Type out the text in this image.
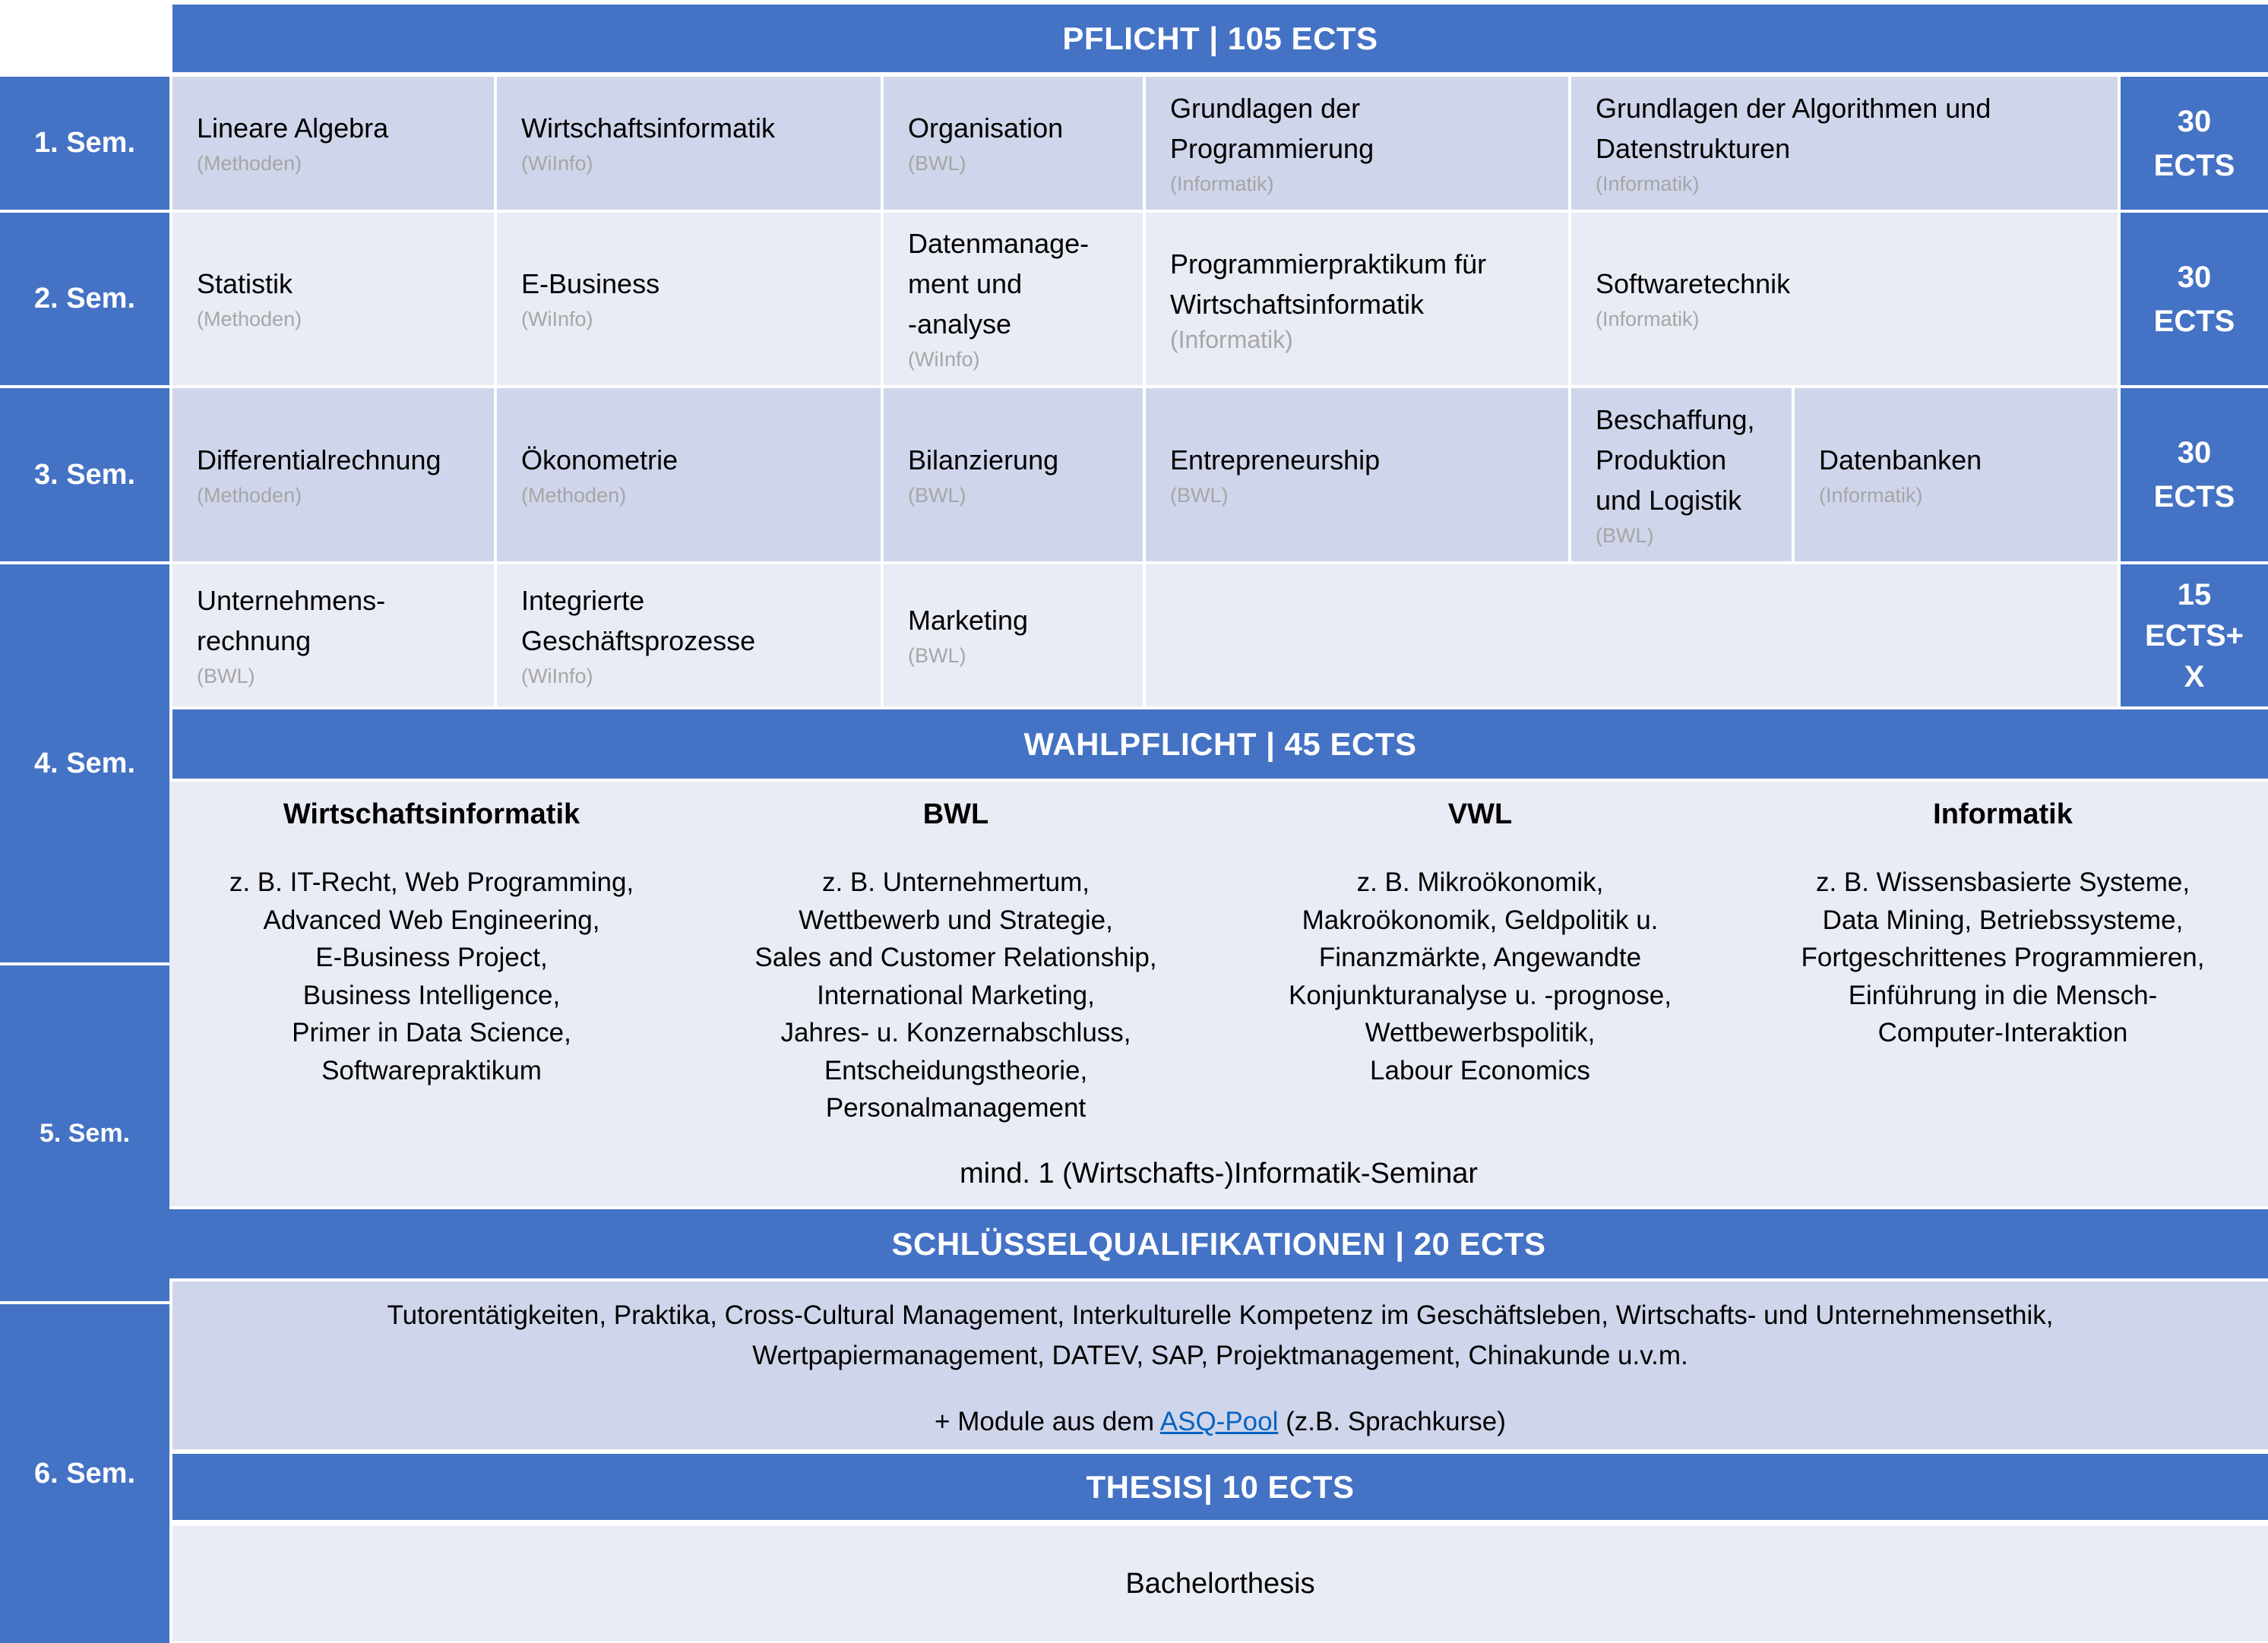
PFLICHT | 105 ECTS
1. Sem.
2. Sem.
3. Sem.
4. Sem.
5. Sem.
6. Sem.
Lineare Algebra
(Methoden)
Wirtschaftsinformatik
(WiInfo)
Organisation
(BWL)
Grundlagen der
Programmierung
(Informatik)
Grundlagen der Algorithmen und
Datenstrukturen
(Informatik)
30
ECTS
Statistik
(Methoden)
E-Business
(WiInfo)
Datenmanage-
ment und
-analyse
(WiInfo)
Programmierpraktikum für
Wirtschaftsinformatik
(Informatik)
Softwaretechnik
(Informatik)
30
ECTS
Differentialrechnung
(Methoden)
Ökonometrie
(Methoden)
Bilanzierung
(BWL)
Entrepreneurship
(BWL)
Beschaffung,
Produktion
und Logistik
(BWL)
Datenbanken
(Informatik)
30
ECTS
Unternehmens-
rechnung
(BWL)
Integrierte
Geschäftsprozesse
(WiInfo)
Marketing
(BWL)
15
ECTS+
X
WAHLPFLICHT | 45 ECTS
Wirtschaftsinformatik
z. B. IT-Recht, Web Programming,
Advanced Web Engineering,
E-Business Project,
Business Intelligence,
Primer in Data Science,
Softwarepraktikum
BWL
z. B. Unternehmertum,
Wettbewerb und Strategie,
Sales and Customer Relationship,
International Marketing,
Jahres- u. Konzernabschluss,
Entscheidungstheorie,
Personalmanagement
VWL
z. B. Mikroökonomik,
Makroökonomik, Geldpolitik u.
Finanzmärkte, Angewandte
Konjunkturanalyse u. -prognose,
Wettbewerbspolitik,
Labour Economics
Informatik
z. B. Wissensbasierte Systeme,
Data Mining, Betriebssysteme,
Fortgeschrittenes Programmieren,
Einführung in die Mensch-
Computer-Interaktion
mind. 1 (Wirtschafts-)Informatik-Seminar
SCHLÜSSELQUALIFIKATIONEN | 20 ECTS
Tutorentätigkeiten, Praktika, Cross-Cultural Management, Interkulturelle Kompetenz im Geschäftsleben, Wirtschafts- und Unternehmensethik,
Wertpapiermanagement, DATEV, SAP, Projektmanagement, Chinakunde u.v.m.
+ Module aus dem ASQ-Pool (z.B. Sprachkurse)
THESIS| 10 ECTS
Bachelorthesis
